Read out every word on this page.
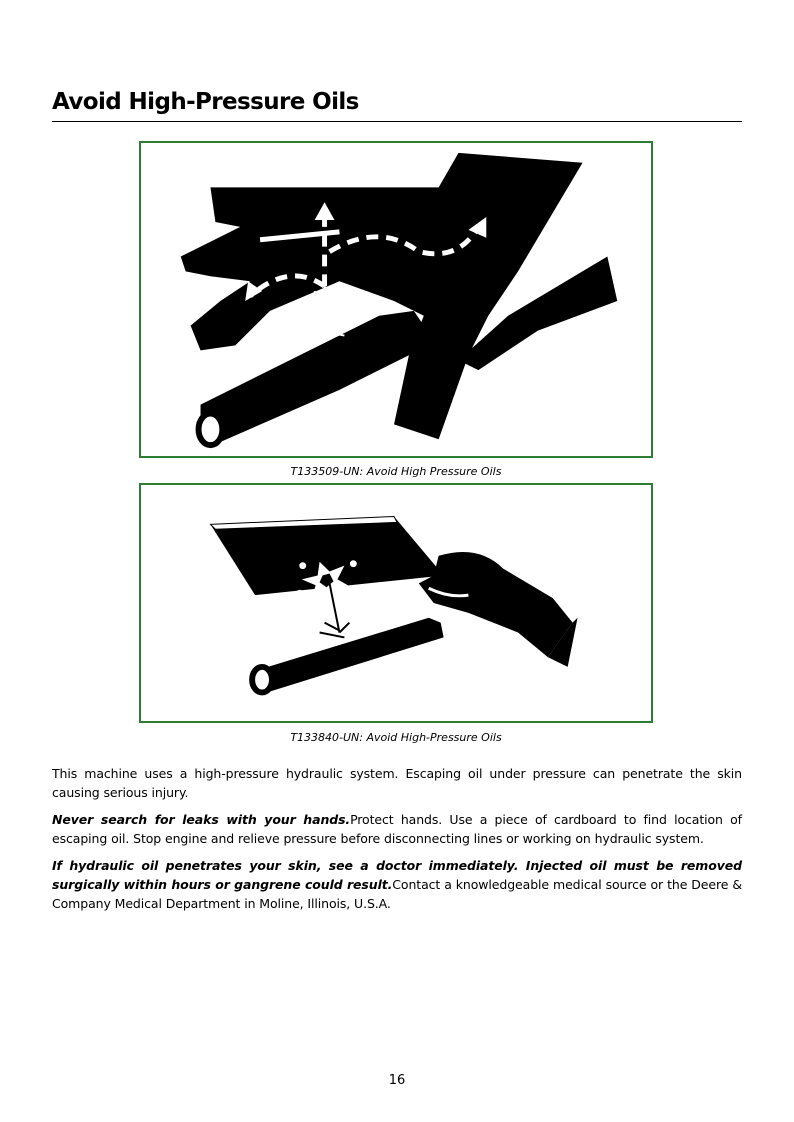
Avoid High-Pressure Oils
T133509-UN: Avoid High Pressure Oils
T133840-UN: Avoid High-Pressure Oils
This machine uses a high-pressure hydraulic system. Escaping oil under pressure can penetrate the skin causing serious injury.
Never search for leaks with your hands.Protect hands. Use a piece of cardboard to find location of escaping oil. Stop engine and relieve pressure before disconnecting lines or working on hydraulic system.
If hydraulic oil penetrates your skin, see a doctor immediately. Injected oil must be removed surgically within hours or gangrene could result.Contact a knowledgeable medical source or the Deere & Company Medical Department in Moline, Illinois, U.S.A.
16
